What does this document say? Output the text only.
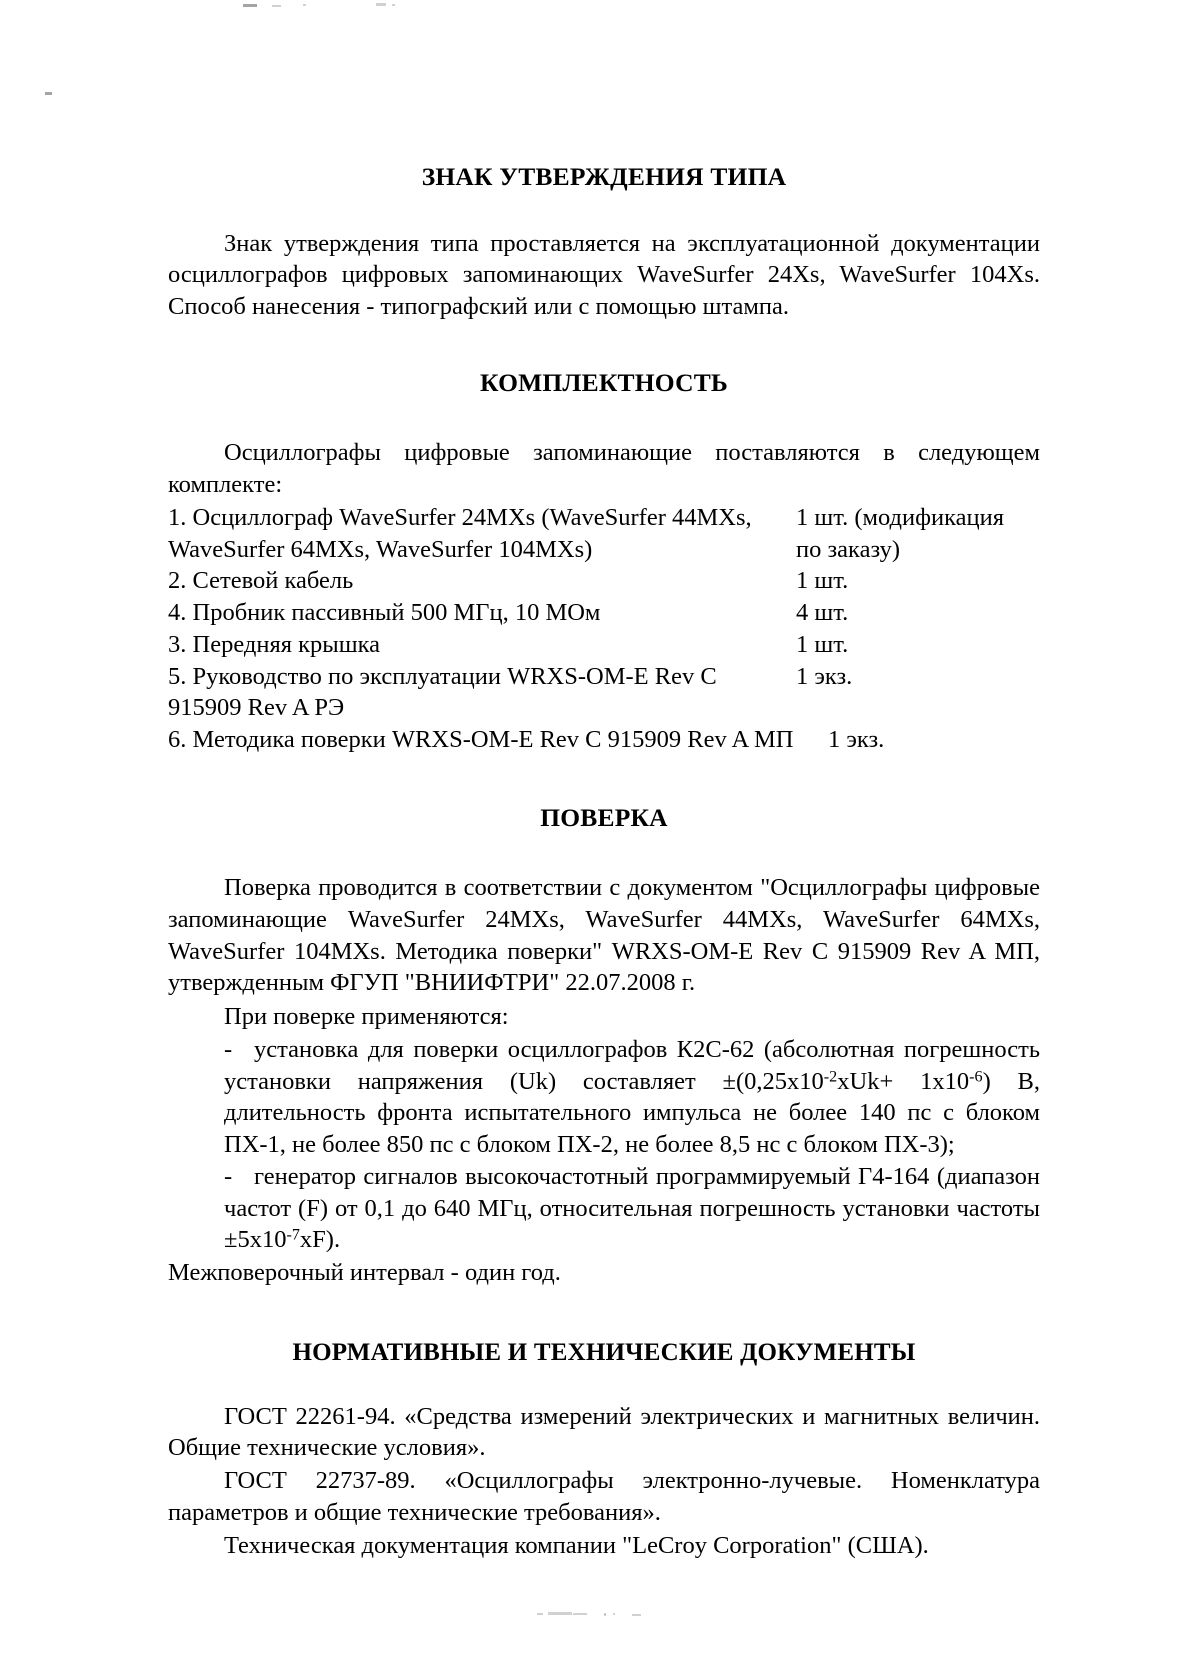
ЗНАК УТВЕРЖДЕНИЯ ТИПА

Знак утверждения типа проставляется на эксплуатационной документации осциллографов цифровых запоминающих WaveSurfer 24Xs, WaveSurfer 104Xs. Способ нанесения - типографский или с помощью штампа.

КОМПЛЕКТНОСТЬ

Осциллографы цифровые запоминающие поставляются в следующем комплекте:

1. Осциллограф WaveSurfer 24MXs (WaveSurfer 44MXs,	1 шт. (модификация
WaveSurfer 64MXs, WaveSurfer 104MXs)	по заказу)
2. Сетевой кабель	1 шт.
4. Пробник пассивный 500 МГц, 10 МОм	4 шт.
3. Передняя крышка	1 шт.
5. Руководство по эксплуатации WRXS-OM-E Rev C	1 экз.
915909 Rev A РЭ
6. Методика поверки WRXS-OM-E Rev C 915909 Rev A МП 1 экз.
ПОВЕРКА

Поверка проводится в соответствии с документом "Осциллографы цифровые запоминающие WaveSurfer 24MXs, WaveSurfer 44MXs, WaveSurfer 64MXs, WaveSurfer 104MXs. Методика поверки" WRXS-OM-E Rev C 915909 Rev A МП, утвержденным ФГУП "ВНИИФТРИ" 22.07.2008 г.

При поверке применяются:

- установка для поверки осциллографов К2С-62 (абсолютная погрешность установки напряжения (Uk) составляет $\pm(0,25x10^{-2}xUk+ 1x10^{-6})$ В, длительность фронта испытательного импульса не более 140 пс с блоком ПХ-1, не более 850 пс с блоком ПХ-2, не более 8,5 нс с блоком ПХ-3);

- генератор сигналов высокочастотный программируемый Г4-164 (диапазон частот (F) от 0,1 до 640 МГц, относительная погрешность установки частоты $\pm 5x10^{-7}xF$).

Межповерочный интервал - один год.

НОРМАТИВНЫЕ И ТЕХНИЧЕСКИЕ ДОКУМЕНТЫ

ГОСТ 22261-94. «Средства измерений электрических и магнитных величин. Общие технические условия».

ГОСТ 22737-89. «Осциллографы электронно-лучевые. Номенклатура параметров и общие технические требования».

Техническая документация компании "LeCroy Corporation" (США).
